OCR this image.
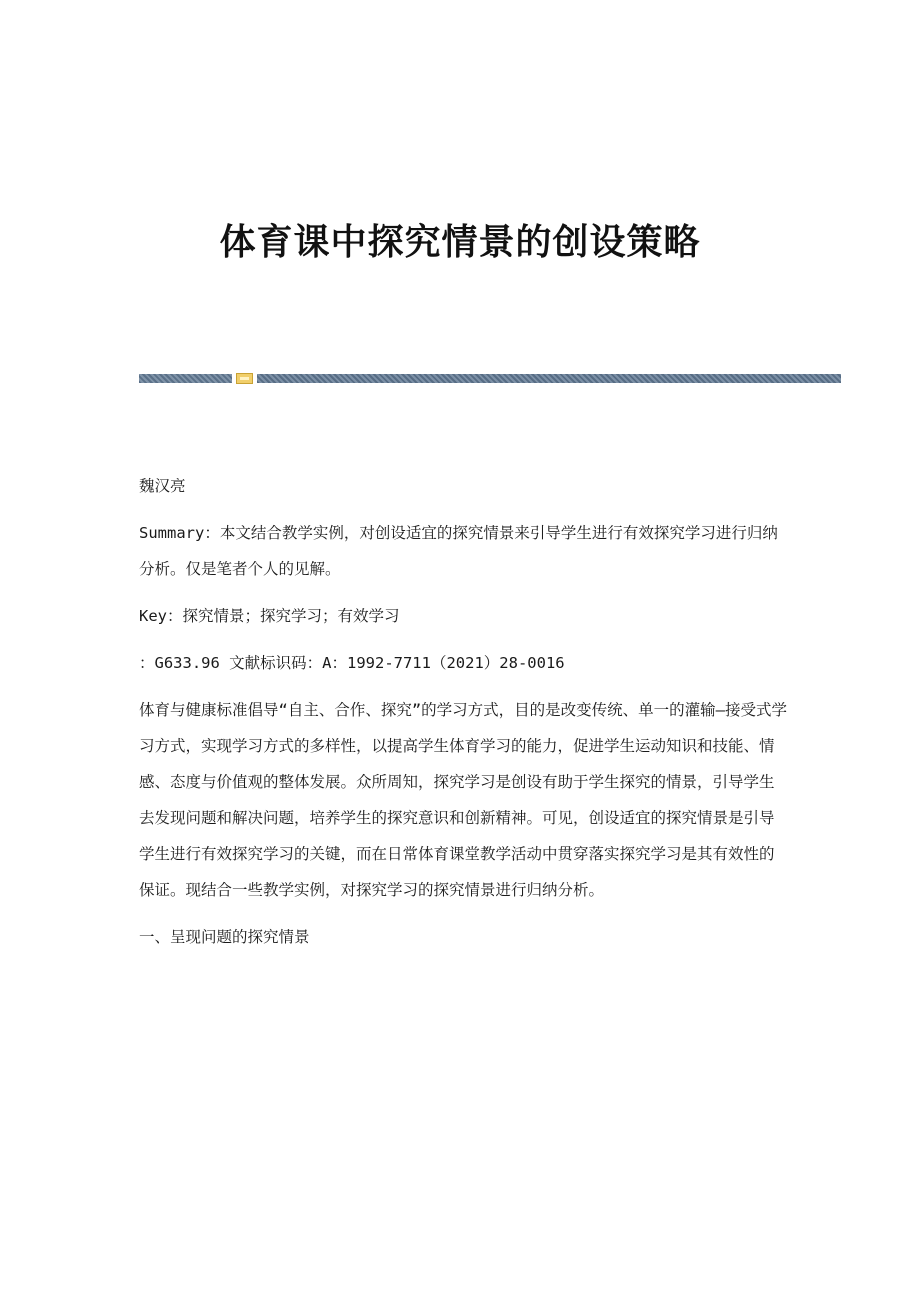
体育课中探究情景的创设策略

魏汉亮

Summary：本文结合教学实例，对创设适宜的探究情景来引导学生进行有效探究学习进行归纳分析。仅是笔者个人的见解。

Key：探究情景；探究学习；有效学习

：G633.96 文献标识码：A：1992-7711（2021）28-0016

体育与健康标准倡导“自主、合作、探究”的学习方式，目的是改变传统、单一的灌输—接受式学习方式，实现学习方式的多样性，以提高学生体育学习的能力，促进学生运动知识和技能、情感、态度与价值观的整体发展。众所周知，探究学习是创设有助于学生探究的情景，引导学生去发现问题和解决问题，培养学生的探究意识和创新精神。可见，创设适宜的探究情景是引导学生进行有效探究学习的关键，而在日常体育课堂教学活动中贯穿落实探究学习是其有效性的保证。现结合一些教学实例，对探究学习的探究情景进行归纳分析。

一、呈现问题的探究情景
